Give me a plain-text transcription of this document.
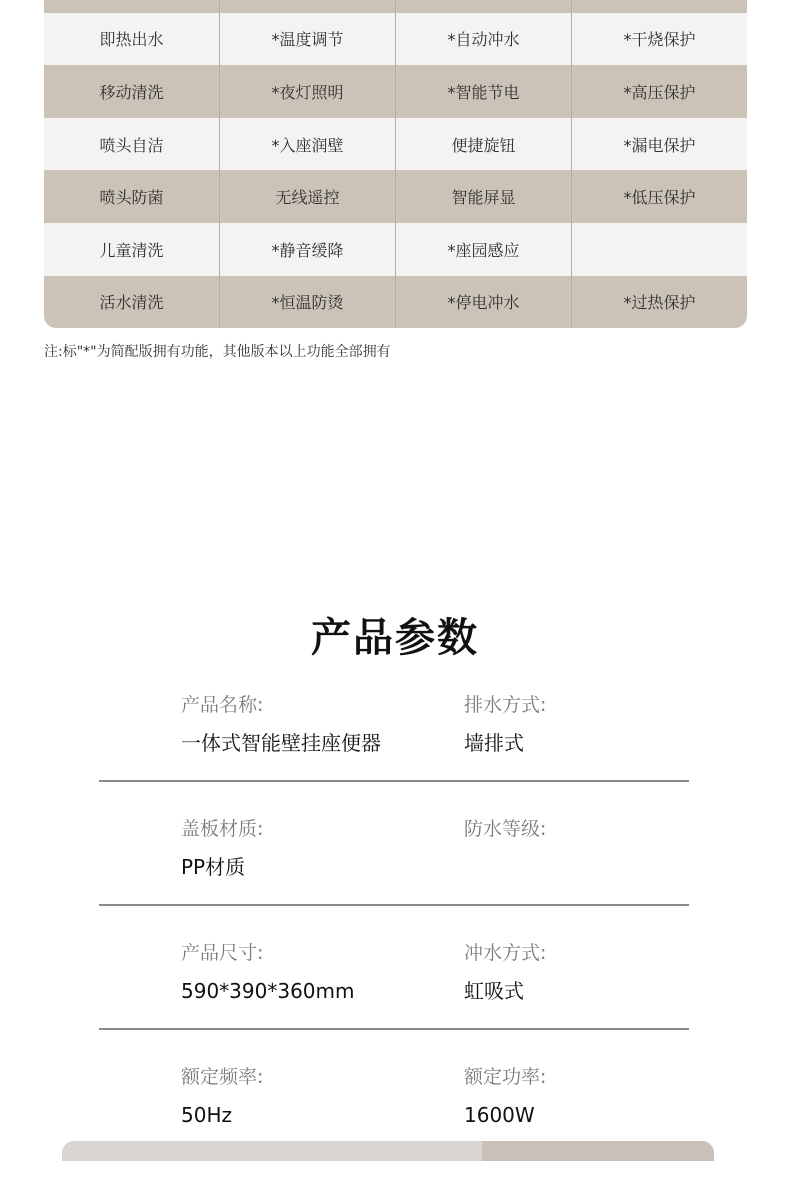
即热出水	*温度调节	*自动冲水	*干烧保护
移动清洗	*夜灯照明	*智能节电	*高压保护
喷头自洁	*入座润壁	便捷旋钮	*漏电保护
喷头防菌	无线遥控	智能屏显	*低压保护
儿童清洗	*静音缓降	*座园感应
活水清洗	*恒温防烫	*停电冲水	*过热保护
注:标"*"为简配版拥有功能，其他版本以上功能全部拥有
产品参数
产品名称:
一体式智能壁挂座便器
排水方式:
墙排式
盖板材质:
PP材质
防水等级:
产品尺寸:
590*390*360mm
冲水方式:
虹吸式
额定频率:
50Hz
额定功率:
1600W
